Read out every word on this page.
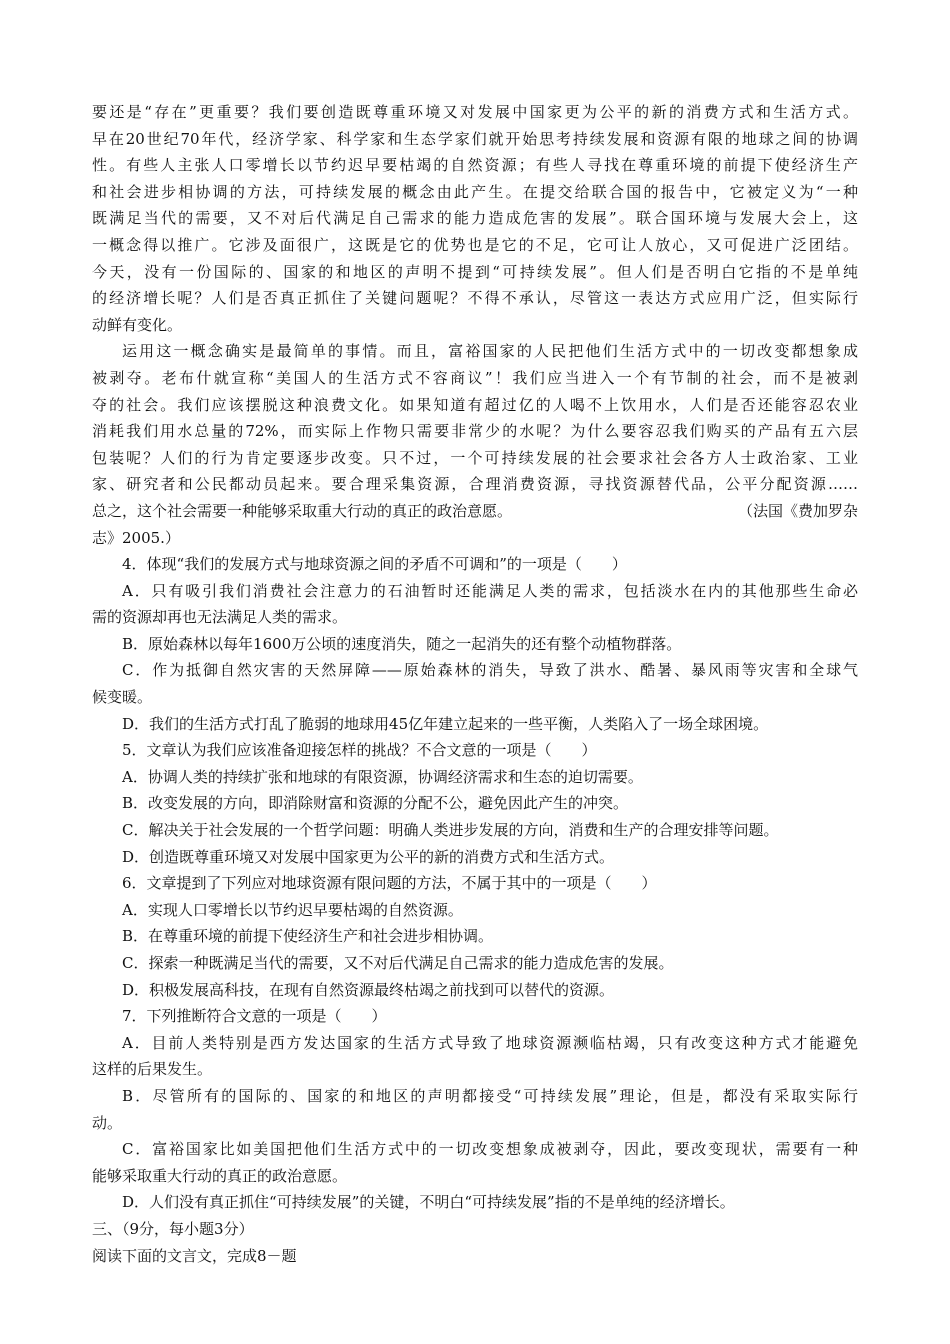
要还是“存在”更重要？我们要创造既尊重环境又对发展中国家更为公平的新的消费方式和生活方式。
早在20世纪70年代，经济学家、科学家和生态学家们就开始思考持续发展和资源有限的地球之间的协调
性。有些人主张人口零增长以节约迟早要枯竭的自然资源；有些人寻找在尊重环境的前提下使经济生产
和社会进步相协调的方法，可持续发展的概念由此产生。在提交给联合国的报告中，它被定义为“一种
既满足当代的需要，又不对后代满足自己需求的能力造成危害的发展”。联合国环境与发展大会上，这
一概念得以推广。它涉及面很广，这既是它的优势也是它的不足，它可让人放心，又可促进广泛团结。
今天，没有一份国际的、国家的和地区的声明不提到“可持续发展”。但人们是否明白它指的不是单纯
的经济增长呢？人们是否真正抓住了关键问题呢？不得不承认，尽管这一表达方式应用广泛，但实际行
动鲜有变化。
运用这一概念确实是最简单的事情。而且，富裕国家的人民把他们生活方式中的一切改变都想象成
被剥夺。老布什就宣称“美国人的生活方式不容商议”！我们应当进入一个有节制的社会，而不是被剥
夺的社会。我们应该摆脱这种浪费文化。如果知道有超过亿的人喝不上饮用水，人们是否还能容忍农业
消耗我们用水总量的72%，而实际上作物只需要非常少的水呢？为什么要容忍我们购买的产品有五六层
包装呢？人们的行为肯定要逐步改变。只不过，一个可持续发展的社会要求社会各方人士政治家、工业
家、研究者和公民都动员起来。要合理采集资源，合理消费资源，寻找资源替代品，公平分配资源……
总之，这个社会需要一种能够采取重大行动的真正的政治意愿。	（法国《费加罗杂
志》2005.）
4．体现“我们的发展方式与地球资源之间的矛盾不可调和”的一项是（　　）
A．只有吸引我们消费社会注意力的石油暂时还能满足人类的需求，包括淡水在内的其他那些生命必
需的资源却再也无法满足人类的需求。
B．原始森林以每年1600万公顷的速度消失，随之一起消失的还有整个动植物群落。
C．作为抵御自然灾害的天然屏障——原始森林的消失，导致了洪水、酷暑、暴风雨等灾害和全球气
候变暖。
D．我们的生活方式打乱了脆弱的地球用45亿年建立起来的一些平衡，人类陷入了一场全球困境。
5．文章认为我们应该准备迎接怎样的挑战？不合文意的一项是（　　）
A．协调人类的持续扩张和地球的有限资源，协调经济需求和生态的迫切需要。
B．改变发展的方向，即消除财富和资源的分配不公，避免因此产生的冲突。
C．解决关于社会发展的一个哲学问题：明确人类进步发展的方向，消费和生产的合理安排等问题。
D．创造既尊重环境又对发展中国家更为公平的新的消费方式和生活方式。
6．文章提到了下列应对地球资源有限问题的方法，不属于其中的一项是（　　）
A．实现人口零增长以节约迟早要枯竭的自然资源。
B．在尊重环境的前提下使经济生产和社会进步相协调。
C．探索一种既满足当代的需要，又不对后代满足自己需求的能力造成危害的发展。
D．积极发展高科技，在现有自然资源最终枯竭之前找到可以替代的资源。
7．下列推断符合文意的一项是（　　）
A．目前人类特别是西方发达国家的生活方式导致了地球资源濒临枯竭，只有改变这种方式才能避免
这样的后果发生。
B．尽管所有的国际的、国家的和地区的声明都接受“可持续发展”理论，但是，都没有采取实际行
动。
C．富裕国家比如美国把他们生活方式中的一切改变想象成被剥夺，因此，要改变现状，需要有一种
能够采取重大行动的真正的政治意愿。
D．人们没有真正抓住“可持续发展”的关键，不明白“可持续发展”指的不是单纯的经济增长。
三、（9分，每小题3分）
阅读下面的文言文，完成8－题
